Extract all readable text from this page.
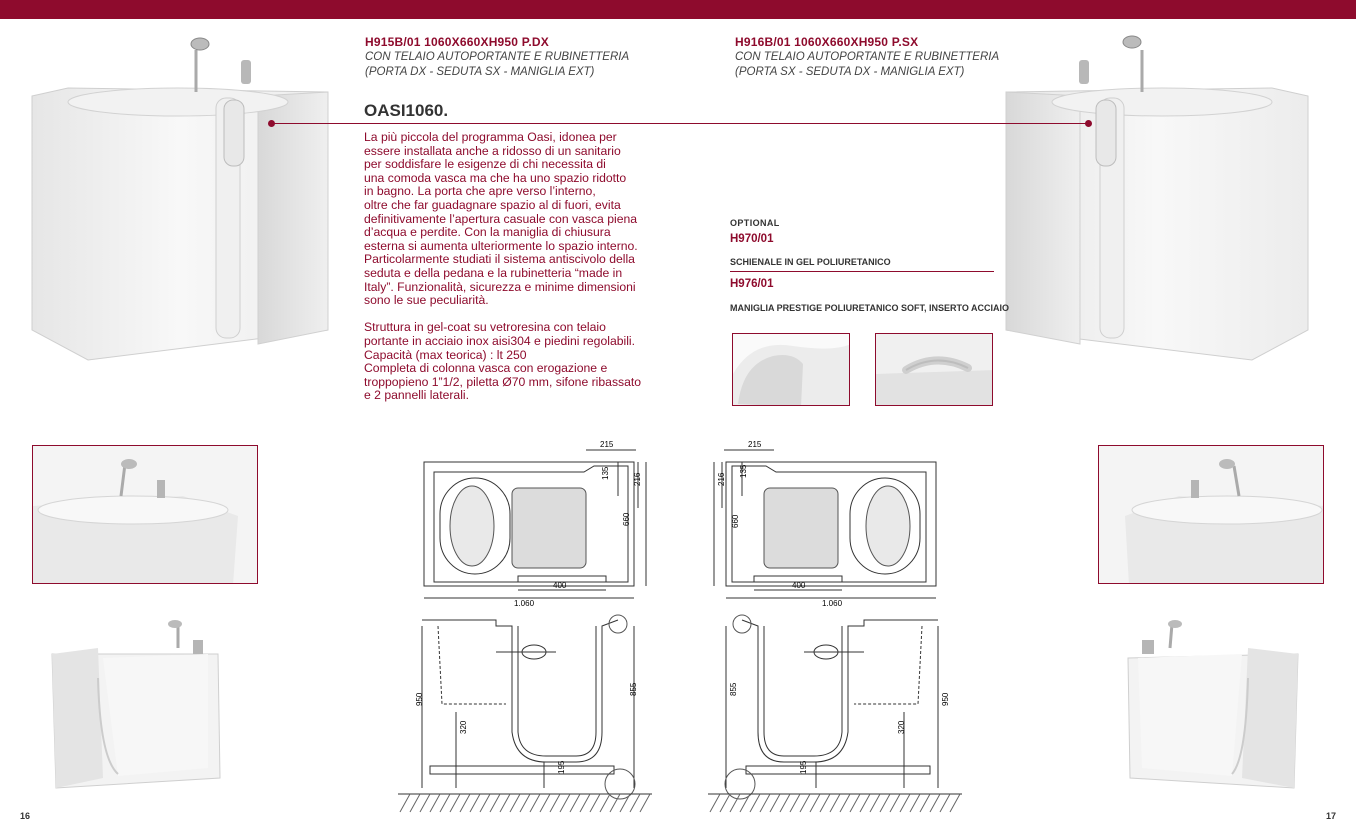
H915B/01 1060X660XH950 P.DX
CON TELAIO AUTOPORTANTE E RUBINETTERIA
(PORTA DX - SEDUTA SX - MANIGLIA EXT)
H916B/01 1060X660XH950 P.SX
CON TELAIO AUTOPORTANTE E RUBINETTERIA
(PORTA SX - SEDUTA DX - MANIGLIA EXT)
OASI1060.
La più piccola del programma Oasi, idonea per
essere installata anche a ridosso di un sanitario
per soddisfare le esigenze di chi necessita di
una comoda vasca ma che ha uno spazio ridotto
in bagno. La porta che apre verso l’interno,
oltre che far guadagnare spazio al di fuori, evita
definitivamente l’apertura casuale con vasca piena
d’acqua e perdite. Con la maniglia di chiusura
esterna si aumenta ulteriormente lo spazio interno.
Particolarmente studiati il sistema antiscivolo della
seduta e della pedana e la rubinetteria “made in
Italy”. Funzionalità, sicurezza e minime dimensioni
sono le sue peculiarità.
Struttura in gel-coat su vetroresina con telaio
portante in acciaio inox aisi304 e piedini regolabili.
Capacità (max teorica) : lt 250
Completa di colonna vasca con erogazione e
troppopieno 1”1/2, piletta Ø70 mm, sifone ribassato
e 2 pannelli laterali.
OPTIONAL
H970/01
SCHIENALE IN GEL POLIURETANICO
H976/01
MANIGLIA PRESTIGE POLIURETANICO SOFT, INSERTO ACCIAIO
215
135	216
660
400
1.060
215
135
216
660
400
1.060
950
855
320
195
950
855
320
195
16	17
